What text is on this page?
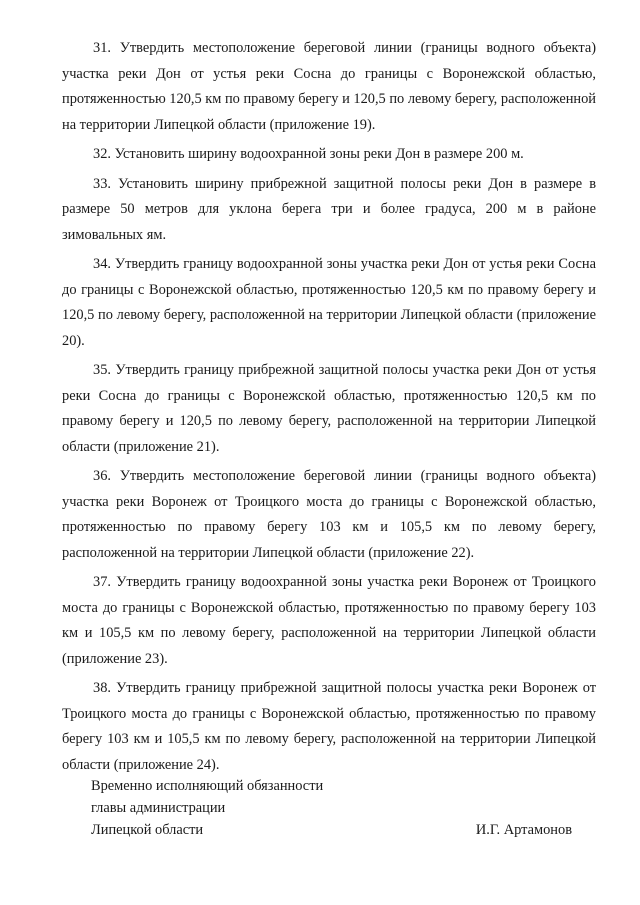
31. Утвердить местоположение береговой линии (границы водного объекта) участка реки Дон от устья реки Сосна до границы с Воронежской областью, протяженностью 120,5 км по правому берегу и 120,5 по левому берегу, расположенной на территории Липецкой области (приложение 19).

32. Установить ширину водоохранной зоны реки Дон в размере 200 м.

33. Установить ширину прибрежной защитной полосы реки Дон в размере в размере 50 метров для уклона берега три и более градуса, 200 м в районе зимовальных ям.

34. Утвердить границу водоохранной зоны участка реки Дон от устья реки Сосна до границы с Воронежской областью, протяженностью 120,5 км по правому берегу и 120,5 по левому берегу, расположенной на территории Липецкой области (приложение 20).

35. Утвердить границу прибрежной защитной полосы участка реки Дон от устья реки Сосна до границы с Воронежской областью, протяженностью 120,5 км по правому берегу и 120,5 по левому берегу, расположенной на территории Липецкой области (приложение 21).

36. Утвердить местоположение береговой линии (границы водного объекта) участка реки Воронеж от Троицкого моста до границы с Воронежской областью, протяженностью по правому берегу 103 км и 105,5 км по левому берегу, расположенной на территории Липецкой области (приложение 22).

37. Утвердить границу водоохранной зоны участка реки Воронеж от Троицкого моста до границы с Воронежской областью, протяженностью по правому берегу 103 км и 105,5 км по левому берегу, расположенной на территории Липецкой области (приложение 23).

38. Утвердить границу прибрежной защитной полосы участка реки Воронеж от Троицкого моста до границы с Воронежской областью, протяженностью по правому берегу 103 км и 105,5 км по левому берегу, расположенной на территории Липецкой области (приложение 24).

Временно исполняющий обязанности
главы администрации
Липецкой области	И.Г. Артамонов
